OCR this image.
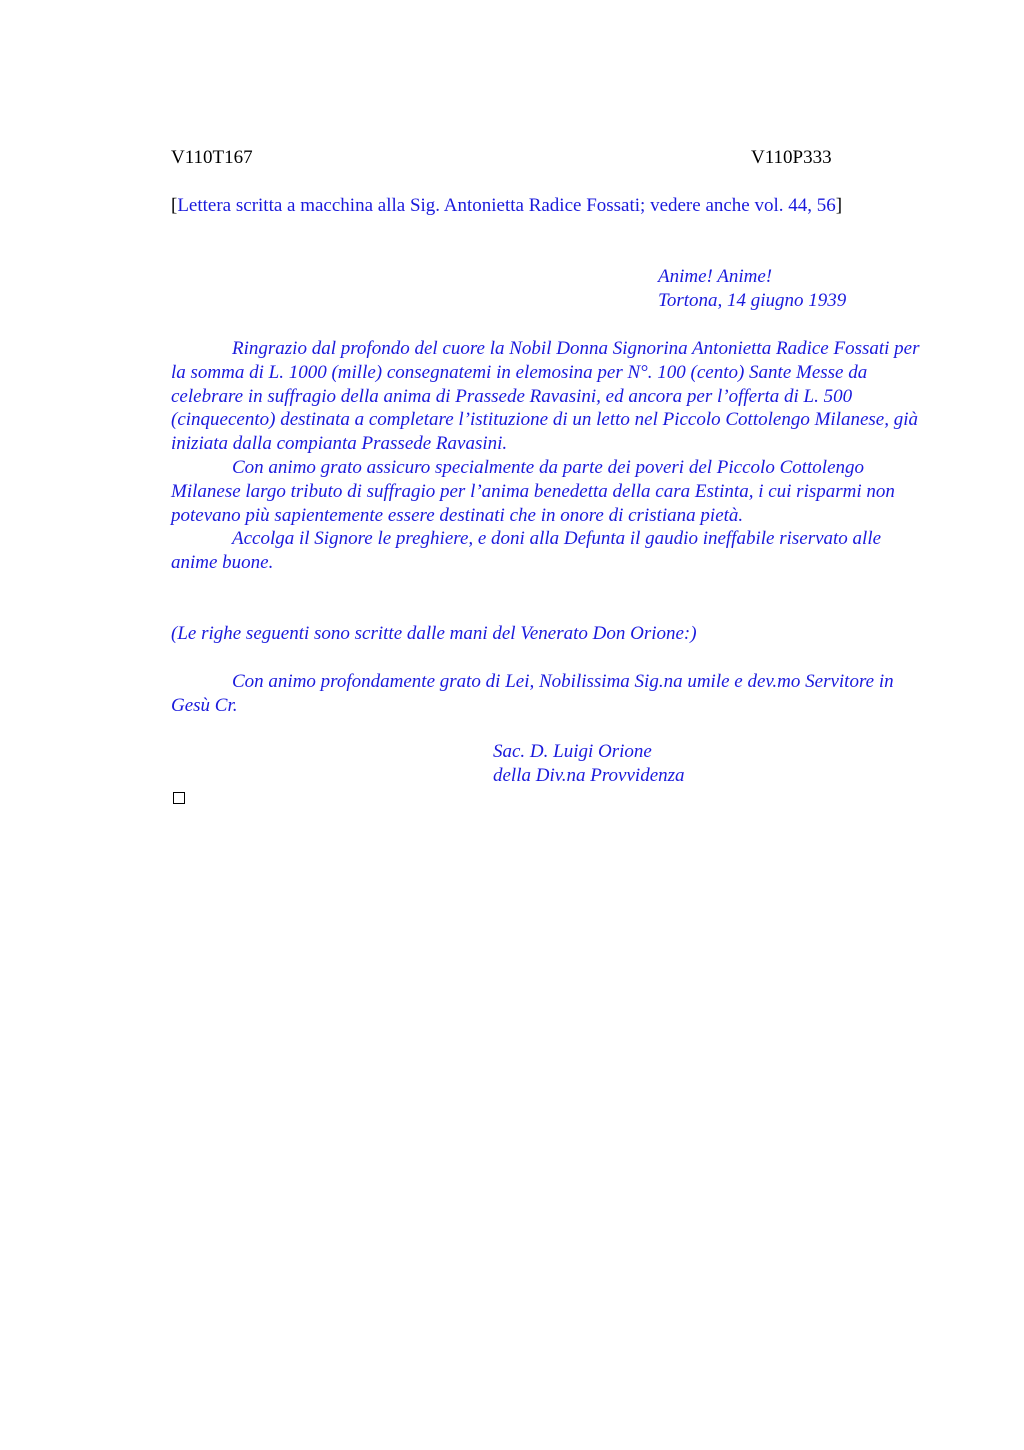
V110T167	V110P333
[Lettera scritta a macchina alla Sig. Antonietta Radice Fossati; vedere anche vol. 44, 56]
Anime! Anime!
Tortona, 14 giugno 1939

Ringrazio dal profondo del cuore la Nobil Donna Signorina Antonietta Radice Fossati per la somma di L. 1000 (mille) consegnatemi in elemosina per N°. 100 (cento) Sante Messe da celebrare in suffragio della anima di Prassede Ravasini, ed ancora per l’offerta di L. 500 (cinquecento) destinata a completare l’istituzione di un letto nel Piccolo Cottolengo Milanese, già iniziata dalla compianta Prassede Ravasini.

Con animo grato assicuro specialmente da parte dei poveri del Piccolo Cottolengo Milanese largo tributo di suffragio per l’anima benedetta della cara Estinta, i cui risparmi non potevano più sapientemente essere destinati che in onore di cristiana pietà.

Accolga il Signore le preghiere, e doni alla Defunta il gaudio ineffabile riservato alle anime buone.

(Le righe seguenti sono scritte dalle mani del Venerato Don Orione:)

Con animo profondamente grato di Lei, Nobilissima Sig.na umile e dev.mo Servitore in Gesù Cr.

Sac. D. Luigi Orione
della Div.na Provvidenza
